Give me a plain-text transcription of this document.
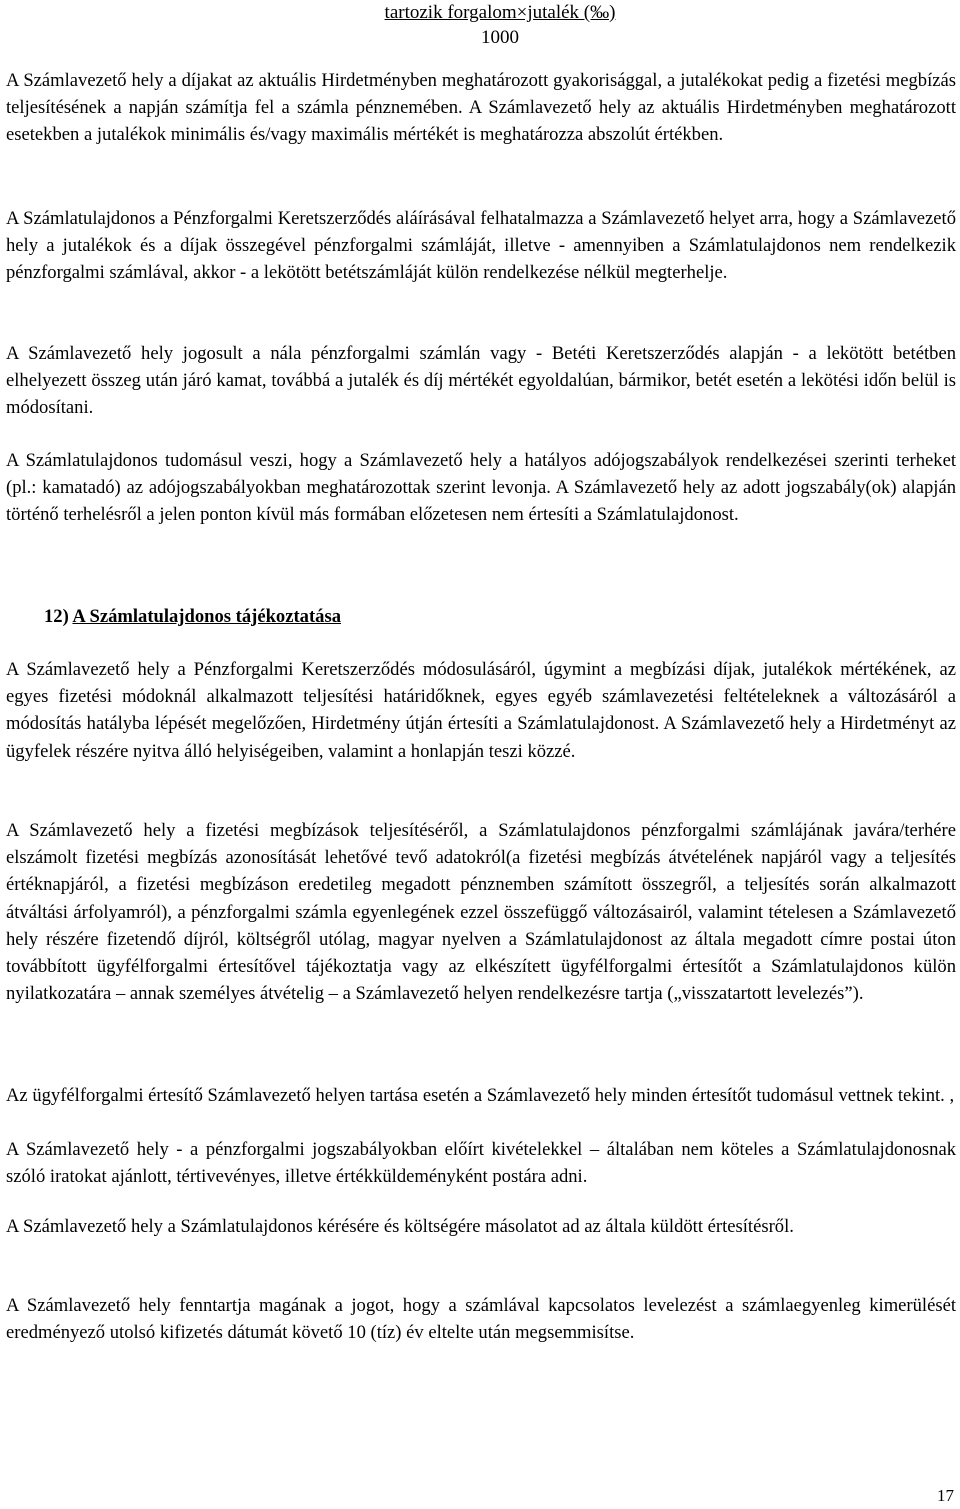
tartozik forgalom×jutalék (‰)
1000

A Számlavezető hely a díjakat az aktuális Hirdetményben meghatározott gyakorisággal, a jutalékokat pedig a fizetési megbízás teljesítésének a napján számítja fel a számla pénznemében. A Számlavezető hely az aktuális Hirdetményben meghatározott esetekben a jutalékok minimális és/vagy maximális mértékét is meghatározza abszolút értékben.

A Számlatulajdonos a Pénzforgalmi Keretszerződés aláírásával felhatalmazza a Számlavezető helyet arra, hogy a Számlavezető hely a jutalékok és a díjak összegével pénzforgalmi számláját, illetve - amennyiben a Számlatulajdonos nem rendelkezik pénzforgalmi számlával, akkor - a lekötött betétszámláját külön rendelkezése nélkül megterhelje.

A Számlavezető hely jogosult a nála pénzforgalmi számlán vagy - Betéti Keretszerződés alapján - a lekötött betétben elhelyezett összeg után járó kamat, továbbá a jutalék és díj mértékét egyoldalúan, bármikor, betét esetén a lekötési időn belül is módosítani.

A Számlatulajdonos tudomásul veszi, hogy a Számlavezető hely a hatályos adójogszabályok rendelkezései szerinti terheket (pl.: kamatadó) az adójogszabályokban meghatározottak szerint levonja. A Számlavezető hely az adott jogszabály(ok) alapján történő terhelésről a jelen ponton kívül más formában előzetesen nem értesíti a Számlatulajdonost.

12) A Számlatulajdonos tájékoztatása

A Számlavezető hely a Pénzforgalmi Keretszerződés módosulásáról, úgymint a megbízási díjak, jutalékok mértékének, az egyes fizetési módoknál alkalmazott teljesítési határidőknek, egyes egyéb számlavezetési feltételeknek a változásáról a módosítás hatályba lépését megelőzően, Hirdetmény útján értesíti a Számlatulajdonost. A Számlavezető hely a Hirdetményt az ügyfelek részére nyitva álló helyiségeiben, valamint a honlapján teszi közzé.

A Számlavezető hely a fizetési megbízások teljesítéséről, a Számlatulajdonos pénzforgalmi számlájának javára/terhére elszámolt fizetési megbízás azonosítását lehetővé tevő adatokról(a fizetési megbízás átvételének napjáról vagy a teljesítés értéknapjáról, a fizetési megbízáson eredetileg megadott pénznemben számított összegről, a teljesítés során alkalmazott átváltási árfolyamról), a pénzforgalmi számla egyenlegének ezzel összefüggő változásairól, valamint tételesen a Számlavezető hely részére fizetendő díjról, költségről utólag, magyar nyelven a Számlatulajdonost az általa megadott címre postai úton továbbított ügyfélforgalmi értesítővel tájékoztatja vagy az elkészített ügyfélforgalmi értesítőt a Számlatulajdonos külön nyilatkozatára – annak személyes átvételig – a Számlavezető helyen rendelkezésre tartja („visszatartott levelezés”).

Az ügyfélforgalmi értesítő Számlavezető helyen tartása esetén a Számlavezető hely minden értesítőt tudomásul vettnek tekint. ,

A Számlavezető hely - a pénzforgalmi jogszabályokban előírt kivételekkel – általában nem köteles a Számlatulajdonosnak szóló iratokat ajánlott, tértivevényes, illetve értékküldeményként postára adni.

A Számlavezető hely a Számlatulajdonos kérésére és költségére másolatot ad az általa küldött értesítésről.

A Számlavezető hely fenntartja magának a jogot, hogy a számlával kapcsolatos levelezést a számlaegyenleg kimerülését eredményező utolsó kifizetés dátumát követő 10 (tíz) év eltelte után megsemmisítse.

17
